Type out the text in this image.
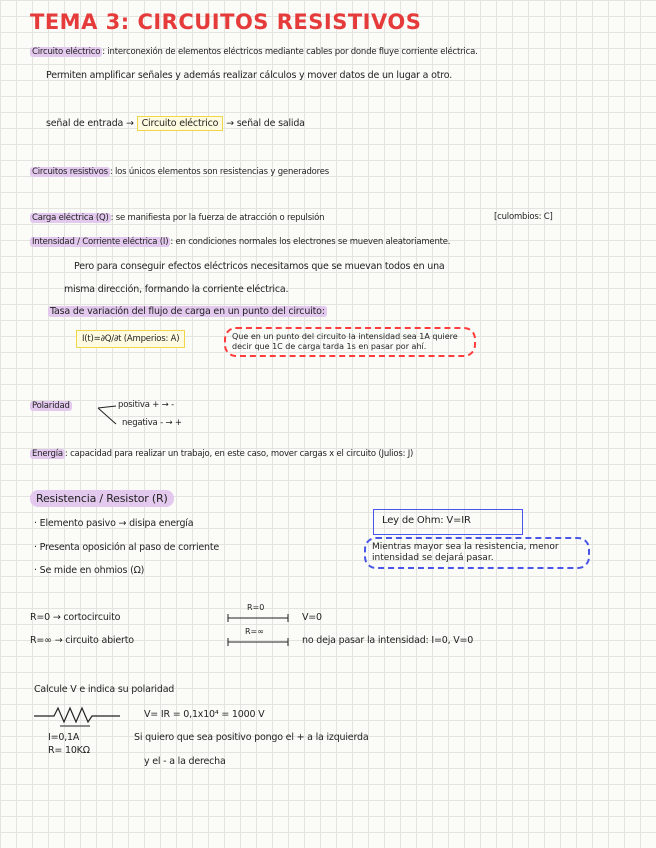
TEMA 3: CIRCUITOS RESISTIVOS
Circuito eléctrico : interconexión de elementos eléctricos mediante cables por donde fluye corriente eléctrica.
Permiten amplificar señales y además realizar cálculos y mover datos de un lugar a otro.
señal de entrada → Circuito eléctrico → señal de salida
Circuitos resistivos : los únicos elementos son resistencias y generadores
Carga eléctrica (Q) : se manifiesta por la fuerza de atracción o repulsión	[culombios: C]
Intensidad / Corriente eléctrica (I) : en condiciones normales los electrones se mueven aleatoriamente.
Pero para conseguir efectos eléctricos necesitamos que se muevan todos en una
misma dirección, formando la corriente eléctrica.
Tasa de variación del flujo de carga en un punto del circuito:
I(t)=∂Q/∂t (Amperios: A)	Que en un punto del circuito la intensidad sea 1A quiere decir que 1C de carga tarda 1s en pasar por ahí.
Polaridad	positiva + → -
negativa - → +
Energía : capacidad para realizar un trabajo, en este caso, mover cargas x el circuito (Julios: J)
Resistencia / Resistor (R)
· Elemento pasivo → disipa energía
· Presenta oposición al paso de corriente
· Se mide en ohmios (Ω)
Ley de Ohm: V=IR
Mientras mayor sea la resistencia, menor intensidad se dejará pasar.
R=0 → cortocircuito
R=0
V=0
R=∞ → circuito abierto
R=∞
no deja pasar la intensidad: I=0, V=0
Calcule V e indica su polaridad
V= IR = 0,1x10⁴ = 1000 V
I=0,1A
R= 10KΩ
Si quiero que sea positivo pongo el + a la izquierda
y el - a la derecha
